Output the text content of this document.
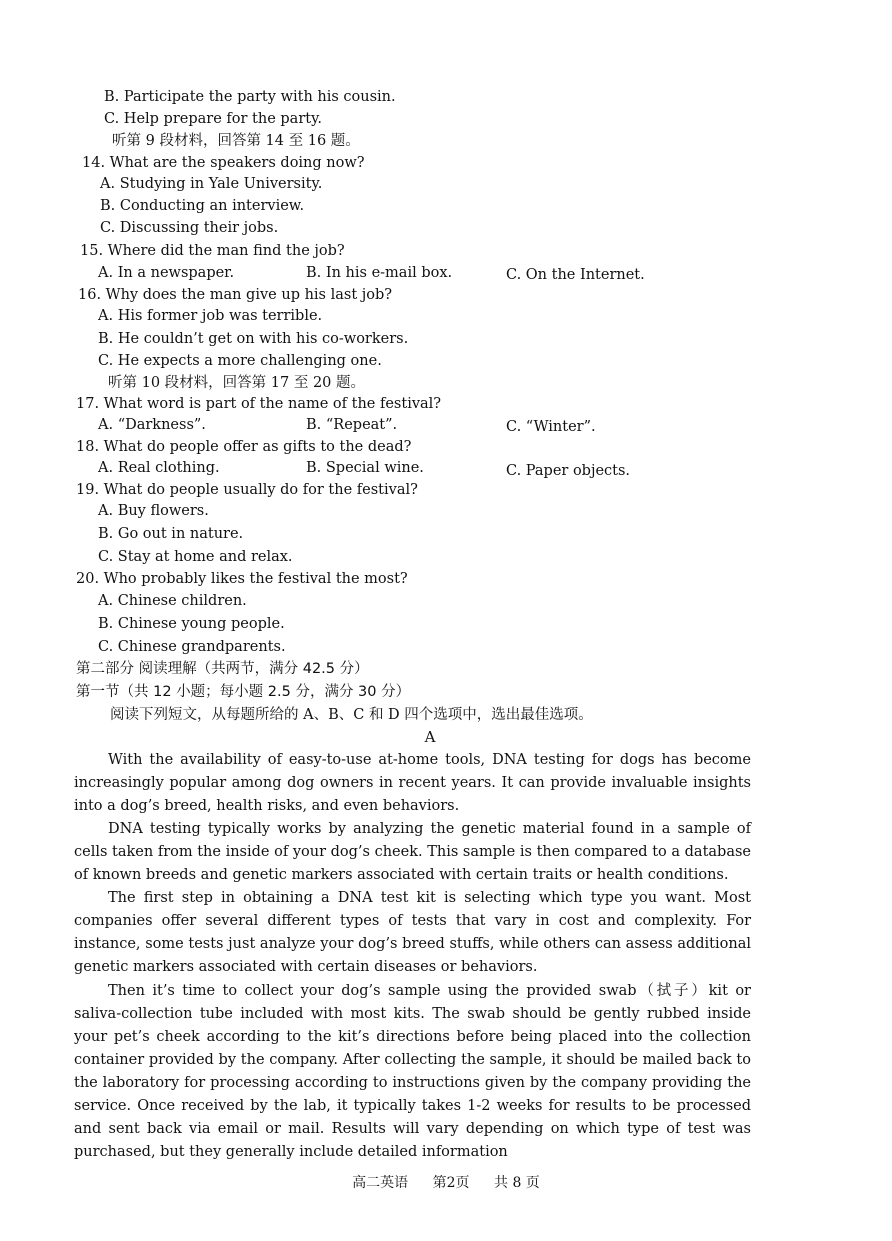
B. Participate the party with his cousin.
C. Help prepare for the party.
听第 9 段材料，回答第 14 至 16 题。
14. What are the speakers doing now?
A. Studying in Yale University.
B. Conducting an interview.
C. Discussing their jobs.
15. Where did the man find the job?
A. In a newspaper.	B. In his e-mail box.	C. On the Internet.
16. Why does the man give up his last job?
A. His former job was terrible.
B. He couldn’t get on with his co-workers.
C. He expects a more challenging one.
听第 10 段材料，回答第 17 至 20 题。
17. What word is part of the name of the festival?
A. “Darkness”.	B. “Repeat”.	C. “Winter”.
18. What do people offer as gifts to the dead?
A. Real clothing.	B. Special wine.	C. Paper objects.
19. What do people usually do for the festival?
A. Buy flowers.
B. Go out in nature.
C. Stay at home and relax.
20. Who probably likes the festival the most?
A. Chinese children.
B. Chinese young people.
C. Chinese grandparents.
第二部分 阅读理解（共两节，满分 42.5 分）
第一节（共 12 小题；每小题 2.5 分，满分 30 分）
阅读下列短文，从每题所给的 A、B、C 和 D 四个选项中，选出最佳选项。
A
With the availability of easy-to-use at-home tools, DNA testing for dogs has become increasingly popular among dog owners in recent years. It can provide invaluable insights into a dog’s breed, health risks, and even behaviors.
DNA testing typically works by analyzing the genetic material found in a sample of cells taken from the inside of your dog’s cheek. This sample is then compared to a database of known breeds and genetic markers associated with certain traits or health conditions.
The first step in obtaining a DNA test kit is selecting which type you want. Most companies offer several different types of tests that vary in cost and complexity. For instance, some tests just analyze your dog’s breed stuffs, while others can assess additional genetic markers associated with certain diseases or behaviors.
Then it’s time to collect your dog’s sample using the provided swab（拭子）kit or saliva-collection tube included with most kits. The swab should be gently rubbed inside your pet’s cheek according to the kit’s directions before being placed into the collection container provided by the company. After collecting the sample, it should be mailed back to the laboratory for processing according to instructions given by the company providing the service. Once received by the lab, it typically takes 1-2 weeks for results to be processed and sent back via email or mail. Results will vary depending on which type of test was purchased, but they generally include detailed information
高二英语 第2页 共 8 页
